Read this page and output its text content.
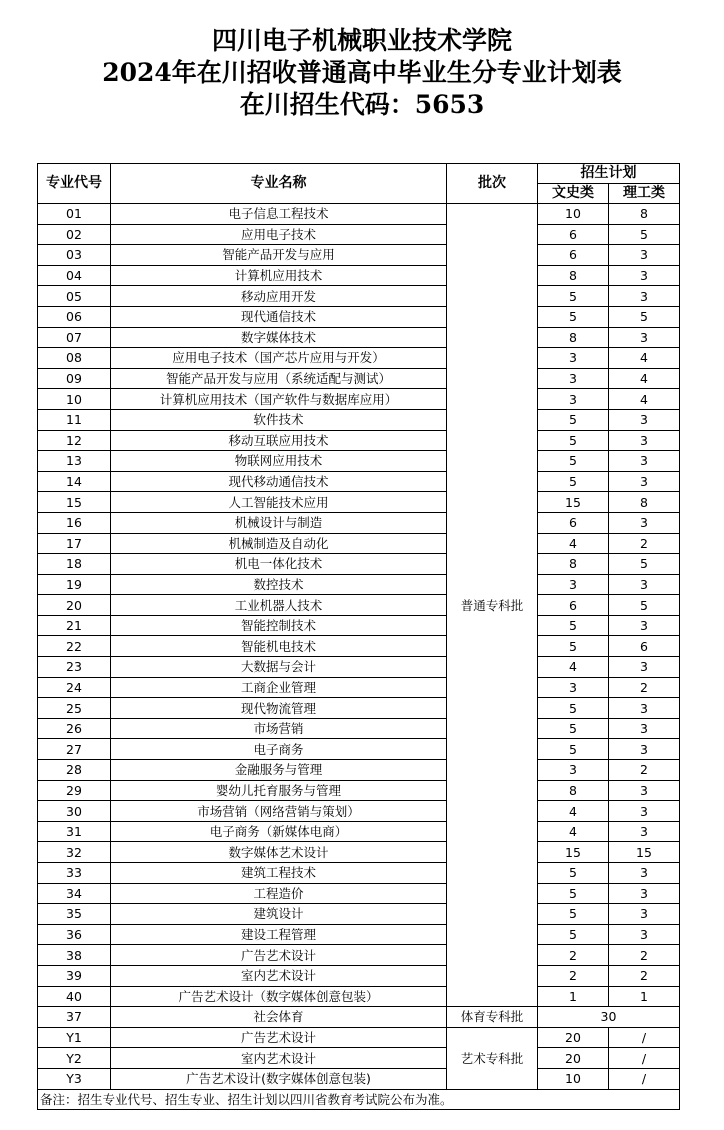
四川电子机械职业技术学院
2024年在川招收普通高中毕业生分专业计划表
在川招生代码：5653
专业代号	专业名称	批次	招生计划	
			文史类	理工类
01	电子信息工程技术	普通专科批	10	8
02	应用电子技术		6	5
03	智能产品开发与应用		6	3
04	计算机应用技术		8	3
05	移动应用开发		5	3
06	现代通信技术		5	5
07	数字媒体技术		8	3
08	应用电子技术（国产芯片应用与开发）		3	4
09	智能产品开发与应用（系统适配与测试）		3	4
10	计算机应用技术（国产软件与数据库应用）		3	4
11	软件技术		5	3
12	移动互联应用技术		5	3
13	物联网应用技术		5	3
14	现代移动通信技术		5	3
15	人工智能技术应用		15	8
16	机械设计与制造		6	3
17	机械制造及自动化		4	2
18	机电一体化技术		8	5
19	数控技术		3	3
20	工业机器人技术		6	5
21	智能控制技术		5	3
22	智能机电技术		5	6
23	大数据与会计		4	3
24	工商企业管理		3	2
25	现代物流管理		5	3
26	市场营销		5	3
27	电子商务		5	3
28	金融服务与管理		3	2
29	婴幼儿托育服务与管理		8	3
30	市场营销（网络营销与策划）		4	3
31	电子商务（新媒体电商）		4	3
32	数字媒体艺术设计		15	15
33	建筑工程技术		5	3
34	工程造价		5	3
35	建筑设计		5	3
36	建设工程管理		5	3
38	广告艺术设计		2	2
39	室内艺术设计		2	2
40	广告艺术设计（数字媒体创意包装）		1	1
37	社会体育	体育专科批	30	
Y1	广告艺术设计	艺术专科批	20	/
Y2	室内艺术设计		20	/
Y3	广告艺术设计(数字媒体创意包装)		10	/
备注：招生专业代号、招生专业、招生计划以四川省教育考试院公布为准。				
